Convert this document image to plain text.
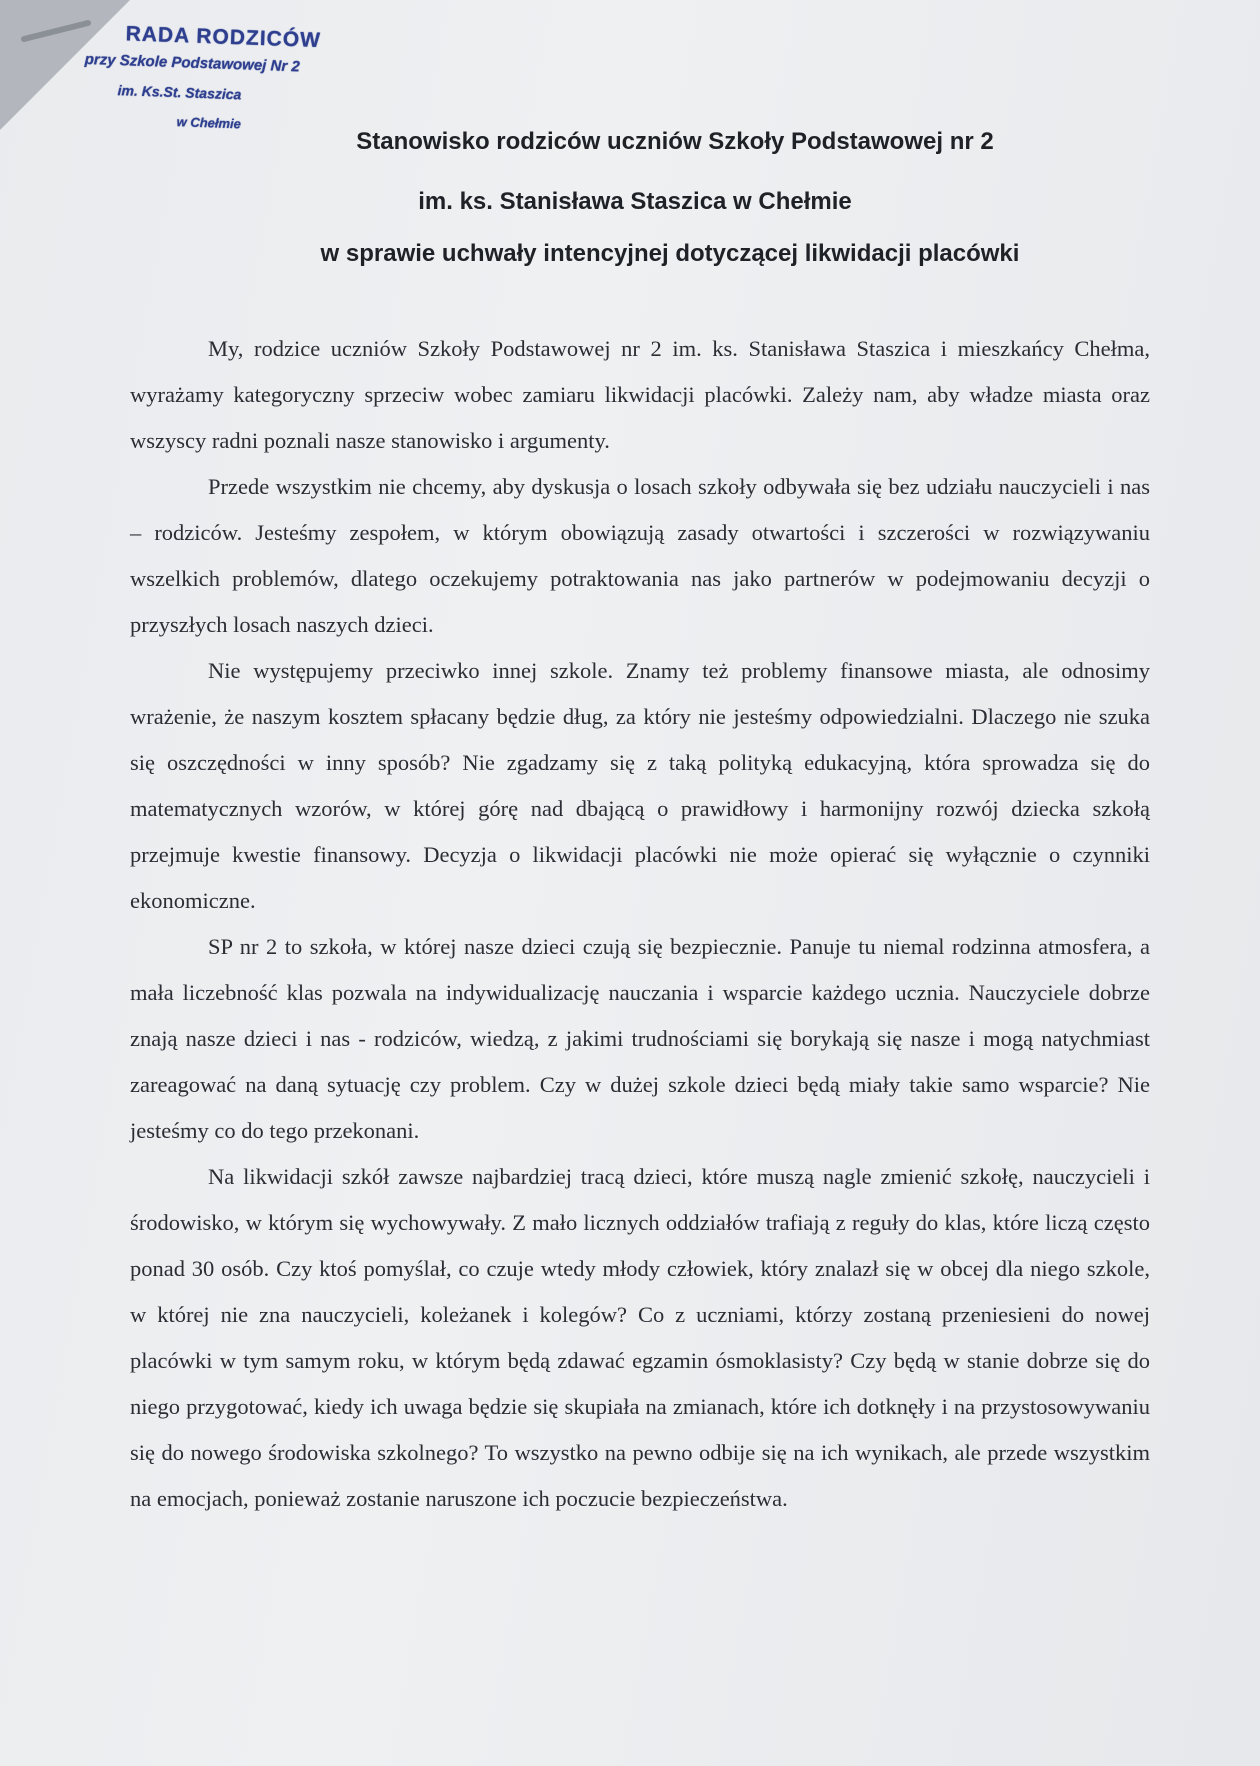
RADA RODZICÓW
przy Szkole Podstawowej Nr 2
im. Ks.St. Staszica
w Chełmie
Stanowisko rodziców uczniów Szkoły Podstawowej nr 2
im. ks. Stanisława Staszica w Chełmie
w sprawie uchwały intencyjnej dotyczącej likwidacji placówki

My, rodzice uczniów Szkoły Podstawowej nr 2 im. ks. Stanisława Staszica i mieszkańcy Chełma, wyrażamy kategoryczny sprzeciw wobec zamiaru likwidacji placówki. Zależy nam, aby władze miasta oraz wszyscy radni poznali nasze stanowisko i argumenty.

Przede wszystkim nie chcemy, aby dyskusja o losach szkoły odbywała się bez udziału nauczycieli i nas – rodziców. Jesteśmy zespołem, w którym obowiązują zasady otwartości i szczerości w rozwiązywaniu wszelkich problemów, dlatego oczekujemy potraktowania nas jako partnerów w podejmowaniu decyzji o przyszłych losach naszych dzieci.

Nie występujemy przeciwko innej szkole. Znamy też problemy finansowe miasta, ale odnosimy wrażenie, że naszym kosztem spłacany będzie dług, za który nie jesteśmy odpowiedzialni. Dlaczego nie szuka się oszczędności w inny sposób? Nie zgadzamy się z taką polityką edukacyjną, która sprowadza się do matematycznych wzorów, w której górę nad dbającą o prawidłowy i harmonijny rozwój dziecka szkołą przejmuje kwestie finansowy. Decyzja o likwidacji placówki nie może opierać się wyłącznie o czynniki ekonomiczne.

SP nr 2 to szkoła, w której nasze dzieci czują się bezpiecznie. Panuje tu niemal rodzinna atmosfera, a mała liczebność klas pozwala na indywidualizację nauczania i wsparcie każdego ucznia. Nauczyciele dobrze znają nasze dzieci i nas - rodziców, wiedzą, z jakimi trudnościami się borykają się nasze i mogą natychmiast zareagować na daną sytuację czy problem. Czy w dużej szkole dzieci będą miały takie samo wsparcie? Nie jesteśmy co do tego przekonani.

Na likwidacji szkół zawsze najbardziej tracą dzieci, które muszą nagle zmienić szkołę, nauczycieli i środowisko, w którym się wychowywały. Z mało licznych oddziałów trafiają z reguły do klas, które liczą często ponad 30 osób. Czy ktoś pomyślał, co czuje wtedy młody człowiek, który znalazł się w obcej dla niego szkole, w której nie zna nauczycieli, koleżanek i kolegów? Co z uczniami, którzy zostaną przeniesieni do nowej placówki w tym samym roku, w którym będą zdawać egzamin ósmoklasisty? Czy będą w stanie dobrze się do niego przygotować, kiedy ich uwaga będzie się skupiała na zmianach, które ich dotknęły i na przystosowywaniu się do nowego środowiska szkolnego? To wszystko na pewno odbije się na ich wynikach, ale przede wszystkim na emocjach, ponieważ zostanie naruszone ich poczucie bezpieczeństwa.
